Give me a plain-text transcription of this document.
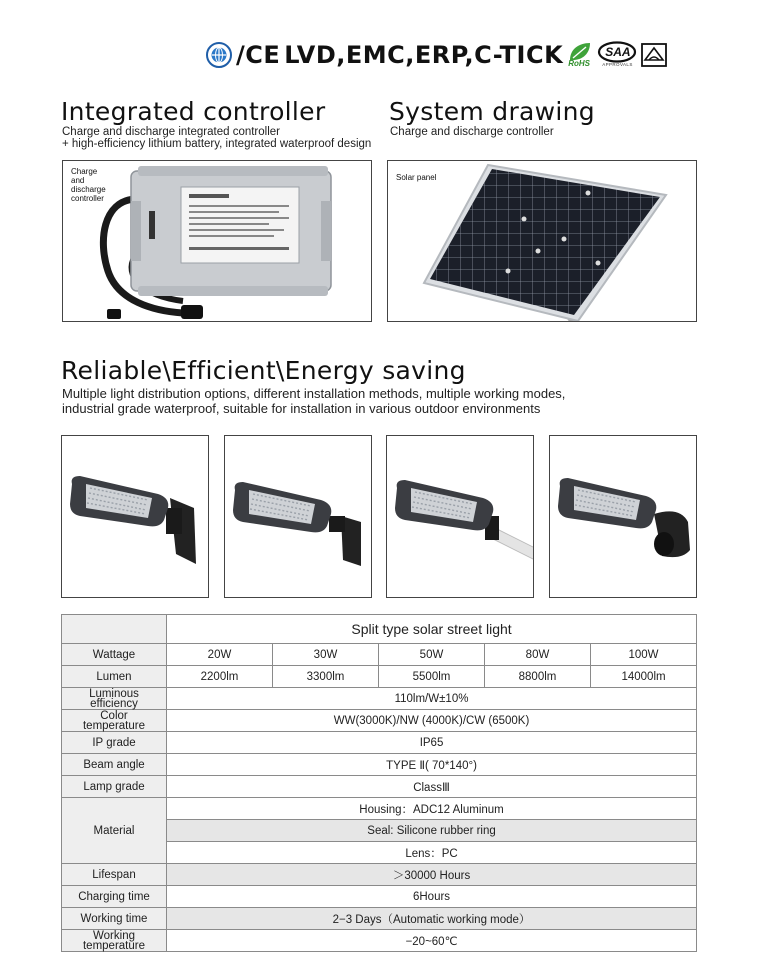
/CE LVD,EMC,ERP,C-TICK RoHS
SAA
APPROVALS
Integrated controller
Charge and discharge integrated controller
+ high-efficiency lithium battery, integrated waterproof design
Charge
and
discharge
controller
System drawing
Charge and discharge controller
Solar panel
Reliable\Efficient\Energy saving
Multiple light distribution options, different installation methods, multiple working modes,
industrial grade waterproof, suitable for installation in various outdoor environments
	Split type solar street light				
Wattage	20W	30W	50W	80W	100W
Lumen	2200lm	3300lm	5500lm	8800lm	14000lm

Luminous
efficiency	110lm/W±10%				

Color
temperature	WW(3000K)/NW (4000K)/CW (6500K)				
IP grade	IP65				
Beam angle	TYPE Ⅱ( 70*140°)				
Lamp grade	ClassⅢ				
Material	Housing：ADC12 Aluminum				
	Seal: Silicone rubber ring				
	Lens：PC				
Lifespan	＞30000 Hours				
Charging time	6Hours				
Working time	2−3 Days（Automatic working mode）				

Working
temperature	−20~60℃				
